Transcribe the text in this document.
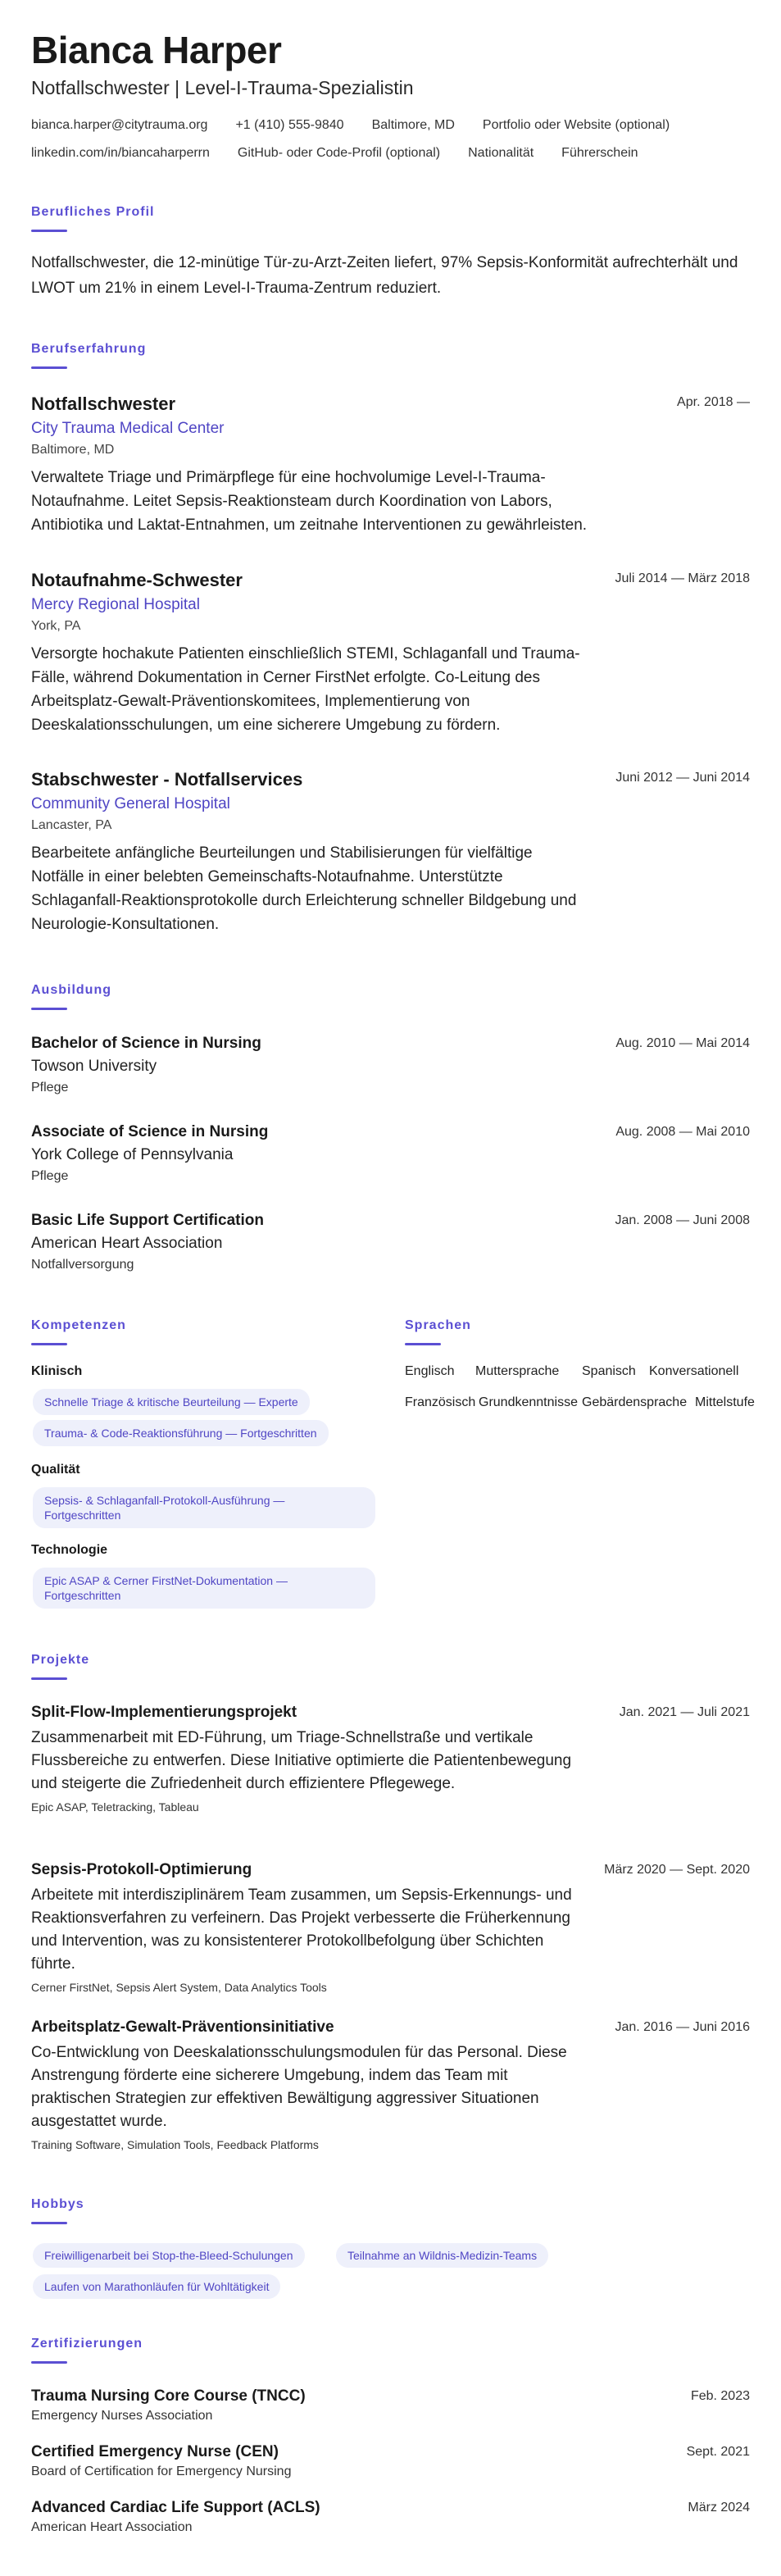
Bianca Harper
Notfallschwester | Level-I-Trauma-Spezialistin
bianca.harper@citytrauma.org +1 (410) 555-9840 Baltimore, MD Portfolio oder Website (optional)
linkedin.com/in/biancaharperrn GitHub- oder Code-Profil (optional) Nationalität Führerschein
Berufliches Profil
Notfallschwester, die 12-minütige Tür-zu-Arzt-Zeiten liefert, 97% Sepsis-Konformität aufrechterhält und LWOT um 21% in einem Level-I-Trauma-Zentrum reduziert.
Berufserfahrung
Notfallschwester	Apr. 2018 —
City Trauma Medical Center
Baltimore, MD
Verwaltete Triage und Primärpflege für eine hochvolumige Level-I-Trauma-Notaufnahme. Leitet Sepsis-Reaktionsteam durch Koordination von Labors, Antibiotika und Laktat-Entnahmen, um zeitnahe Interventionen zu gewährleisten.
Notaufnahme-Schwester	Juli 2014 — März 2018
Mercy Regional Hospital
York, PA
Versorgte hochakute Patienten einschließlich STEMI, Schlaganfall und Trauma-Fälle, während Dokumentation in Cerner FirstNet erfolgte. Co-Leitung des Arbeitsplatz-Gewalt-Präventionskomitees, Implementierung von Deeskalationsschulungen, um eine sicherere Umgebung zu fördern.
Stabschwester - Notfallservices	Juni 2012 — Juni 2014
Community General Hospital
Lancaster, PA
Bearbeitete anfängliche Beurteilungen und Stabilisierungen für vielfältige Notfälle in einer belebten Gemeinschafts-Notaufnahme. Unterstützte Schlaganfall-Reaktionsprotokolle durch Erleichterung schneller Bildgebung und Neurologie-Konsultationen.
Ausbildung
Bachelor of Science in Nursing	Aug. 2010 — Mai 2014
Towson University
Pflege
Associate of Science in Nursing	Aug. 2008 — Mai 2010
York College of Pennsylvania
Pflege
Basic Life Support Certification	Jan. 2008 — Juni 2008
American Heart Association
Notfallversorgung
Kompetenzen
Klinisch
Schnelle Triage & kritische Beurteilung — Experte
Trauma- & Code-Reaktionsführung — Fortgeschritten
Qualität
Sepsis- & Schlaganfall-Protokoll-Ausführung — Fortgeschritten
Technologie
Epic ASAP & Cerner FirstNet-Dokumentation — Fortgeschritten
Sprachen
Englisch Muttersprache Spanisch Konversationell
Französisch Grundkenntnisse Gebärdensprache Mittelstufe
Projekte
Split-Flow-Implementierungsprojekt	Jan. 2021 — Juli 2021
Zusammenarbeit mit ED-Führung, um Triage-Schnellstraße und vertikale Flussbereiche zu entwerfen. Diese Initiative optimierte die Patientenbewegung und steigerte die Zufriedenheit durch effizientere Pflegewege.
Epic ASAP, Teletracking, Tableau
Sepsis-Protokoll-Optimierung	März 2020 — Sept. 2020
Arbeitete mit interdisziplinärem Team zusammen, um Sepsis-Erkennungs- und Reaktionsverfahren zu verfeinern. Das Projekt verbesserte die Früherkennung und Intervention, was zu konsistenterer Protokollbefolgung über Schichten führte.
Cerner FirstNet, Sepsis Alert System, Data Analytics Tools
Arbeitsplatz-Gewalt-Präventionsinitiative	Jan. 2016 — Juni 2016
Co-Entwicklung von Deeskalationsschulungsmodulen für das Personal. Diese Anstrengung förderte eine sicherere Umgebung, indem das Team mit praktischen Strategien zur effektiven Bewältigung aggressiver Situationen ausgestattet wurde.
Training Software, Simulation Tools, Feedback Platforms
Hobbys
Freiwilligenarbeit bei Stop-the-Bleed-Schulungen	Teilnahme an Wildnis-Medizin-Teams
Laufen von Marathonläufen für Wohltätigkeit
Zertifizierungen
Trauma Nursing Core Course (TNCC)	Feb. 2023
Emergency Nurses Association
Certified Emergency Nurse (CEN)	Sept. 2021
Board of Certification for Emergency Nursing
Advanced Cardiac Life Support (ACLS)	März 2024
American Heart Association
